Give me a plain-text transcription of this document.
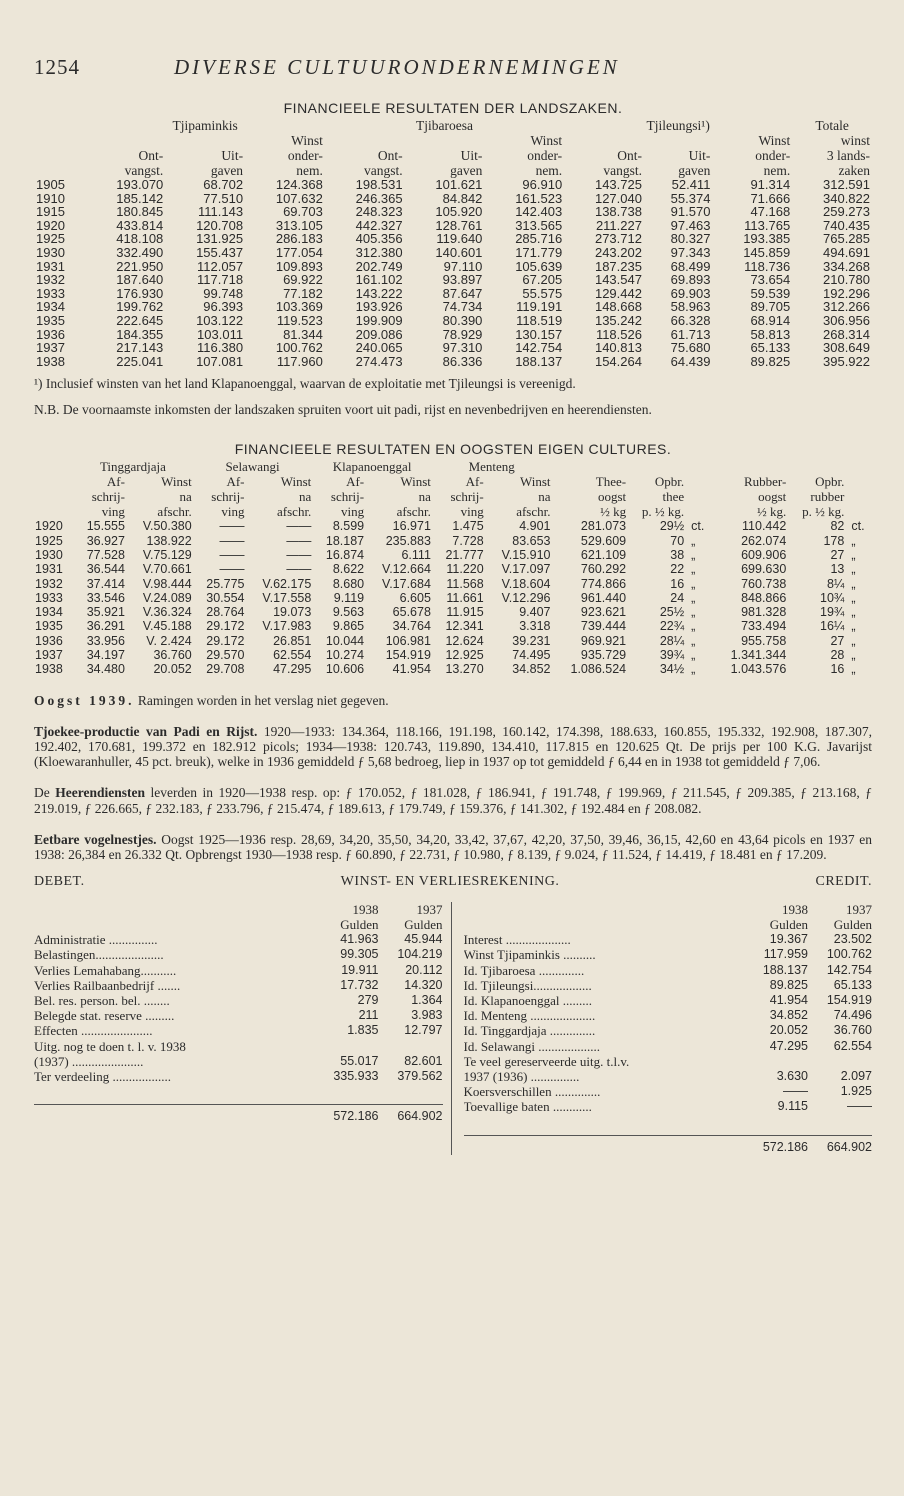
1254	DIVERSE CULTUURONDERNEMINGEN
FINANCIEELE RESULTATEN DER LANDSZAKEN.
	Tjipaminkis			Tjibaroesa			Tjileungsi¹)			Totale
			Winst			Winst			Winst	winst
	Ont-	Uit-	onder-	Ont-	Uit-	onder-	Ont-	Uit-	onder-	3 lands-
	vangst.	gaven	nem.	vangst.	gaven	nem.	vangst.	gaven	nem.	zaken
1905	193.070	68.702	124.368	198.531	101.621	96.910	143.725	52.411	91.314	312.591
1910	185.142	77.510	107.632	246.365	84.842	161.523	127.040	55.374	71.666	340.822
1915	180.845	111.143	69.703	248.323	105.920	142.403	138.738	91.570	47.168	259.273
1920	433.814	120.708	313.105	442.327	128.761	313.565	211.227	97.463	113.765	740.435
1925	418.108	131.925	286.183	405.356	119.640	285.716	273.712	80.327	193.385	765.285
1930	332.490	155.437	177.054	312.380	140.601	171.779	243.202	97.343	145.859	494.691
1931	221.950	112.057	109.893	202.749	97.110	105.639	187.235	68.499	118.736	334.268
1932	187.640	117.718	69.922	161.102	93.897	67.205	143.547	69.893	73.654	210.780
1933	176.930	99.748	77.182	143.222	87.647	55.575	129.442	69.903	59.539	192.296
1934	199.762	96.393	103.369	193.926	74.734	119.191	148.668	58.963	89.705	312.266
1935	222.645	103.122	119.523	199.909	80.390	118.519	135.242	66.328	68.914	306.956
1936	184.355	103.011	81.344	209.086	78.929	130.157	118.526	61.713	58.813	268.314
1937	217.143	116.380	100.762	240.065	97.310	142.754	140.813	75.680	65.133	308.649
1938	225.041	107.081	117.960	274.473	86.336	188.137	154.264	64.439	89.825	395.922

¹) Inclusief winsten van het land Klapanoenggal, waarvan de exploitatie met Tjileungsi is vereenigd.

N.B. De voornaamste inkomsten der landszaken spruiten voort uit padi, rijst en nevenbedrijven en heerendiensten.

FINANCIEELE RESULTATEN EN OOGSTEN EIGEN CULTURES.
	Tinggardjaja		Selawangi		Klapanoenggal		Menteng							
	Af-	Winst	Af-	Winst	Af-	Winst	Af-	Winst	Thee-	Opbr.		Rubber-	Opbr.	
	schrij-	na	schrij-	na	schrij-	na	schrij-	na	oogst	thee		oogst	rubber	
	ving	afschr.	ving	afschr.	ving	afschr.	ving	afschr.	½ kg	p. ½ kg.		½ kg.	p. ½ kg.	
1920	15.555	V.50.380	——	——	8.599	16.971	1.475	4.901	281.073	29½	ct.	110.442	82	ct.
1925	36.927	138.922	——	——	18.187	235.883	7.728	83.653	529.609	70	„	262.074	178	„
1930	77.528	V.75.129	——	——	16.874	6.111	21.777	V.15.910	621.109	38	„	609.906	27	„
1931	36.544	V.70.661	——	——	8.622	V.12.664	11.220	V.17.097	760.292	22	„	699.630	13	„
1932	37.414	V.98.444	25.775	V.62.175	8.680	V.17.684	11.568	V.18.604	774.866	16	„	760.738	8¼	„
1933	33.546	V.24.089	30.554	V.17.558	9.119	6.605	11.661	V.12.296	961.440	24	„	848.866	10¾	„
1934	35.921	V.36.324	28.764	19.073	9.563	65.678	11.915	9.407	923.621	25½	„	981.328	19¾	„
1935	36.291	V.45.188	29.172	V.17.983	9.865	34.764	12.341	3.318	739.444	22¾	„	733.494	16¼	„
1936	33.956	V. 2.424	29.172	26.851	10.044	106.981	12.624	39.231	969.921	28¼	„	955.758	27	„
1937	34.197	36.760	29.570	62.554	10.274	154.919	12.925	74.495	935.729	39¾	„	1.341.344	28	„
1938	34.480	20.052	29.708	47.295	10.606	41.954	13.270	34.852	1.086.524	34½	„	1.043.576	16	„

Oogst 1939. Ramingen worden in het verslag niet gegeven.

Tjoekee-productie van Padi en Rijst. 1920—1933: 134.364, 118.166, 191.198, 160.142, 174.398, 188.633, 160.855, 195.332, 192.908, 187.307, 192.402, 170.681, 199.372 en 182.912 picols; 1934—1938: 120.743, 119.890, 134.410, 117.815 en 120.625 Qt. De prijs per 100 K.G. Javarijst (Kloewaranhuller, 45 pct. breuk), welke in 1936 gemiddeld ƒ 5,68 bedroeg, liep in 1937 op tot gemiddeld ƒ 6,44 en in 1938 tot gemiddeld ƒ 7,06.

De Heerendiensten leverden in 1920—1938 resp. op: ƒ 170.052, ƒ 181.028, ƒ 186.941, ƒ 191.748, ƒ 199.969, ƒ 211.545, ƒ 209.385, ƒ 213.168, ƒ 219.019, ƒ 226.665, ƒ 232.183, ƒ 233.796, ƒ 215.474, ƒ 189.613, ƒ 179.749, ƒ 159.376, ƒ 141.302, ƒ 192.484 en ƒ 208.082.

Eetbare vogelnestjes. Oogst 1925—1936 resp. 28,69, 34,20, 35,50, 34,20, 33,42, 37,67, 42,20, 37,50, 39,46, 36,15, 42,60 en 43,64 picols en 1937 en 1938: 26,384 en 26.332 Qt. Opbrengst 1930—1938 resp. ƒ 60.890, ƒ 22.731, ƒ 10.980, ƒ 8.139, ƒ 9.024, ƒ 11.524, ƒ 14.419, ƒ 18.481 en ƒ 17.209.

DEBET.	WINST- EN VERLIESREKENING.	CREDIT.
1938	1937
Gulden	Gulden
Administratie ...............	41.963	45.944
Belastingen.....................	99.305	104.219
Verlies Lemahabang...........	19.911	20.112
Verlies Railbaanbedrijf .......	17.732	14.320
Bel. res. person. bel. ........	279	1.364
Belegde stat. reserve .........	211	3.983
Effecten ......................	1.835	12.797
Uitg. nog te doen t. l. v. 1938
(1937) ......................	55.017	82.601
Ter verdeeling ..................	335.933	379.562
572.186	664.902
1938	1937
Gulden	Gulden
Interest ....................	19.367	23.502
Winst Tjipaminkis ..........	117.959	100.762
Id. Tjibaroesa ..............	188.137	142.754
Id. Tjileungsi..................	89.825	65.133
Id. Klapanoenggal .........	41.954	154.919
Id. Menteng ....................	34.852	74.496
Id. Tinggardjaja ..............	20.052	36.760
Id. Selawangi ...................	47.295	62.554
Te veel gereserveerde uitg. t.l.v.
1937 (1936) ...............	3.630	2.097
Koersverschillen ..............	——	1.925
Toevallige baten ............	9.115	——
572.186	664.902
